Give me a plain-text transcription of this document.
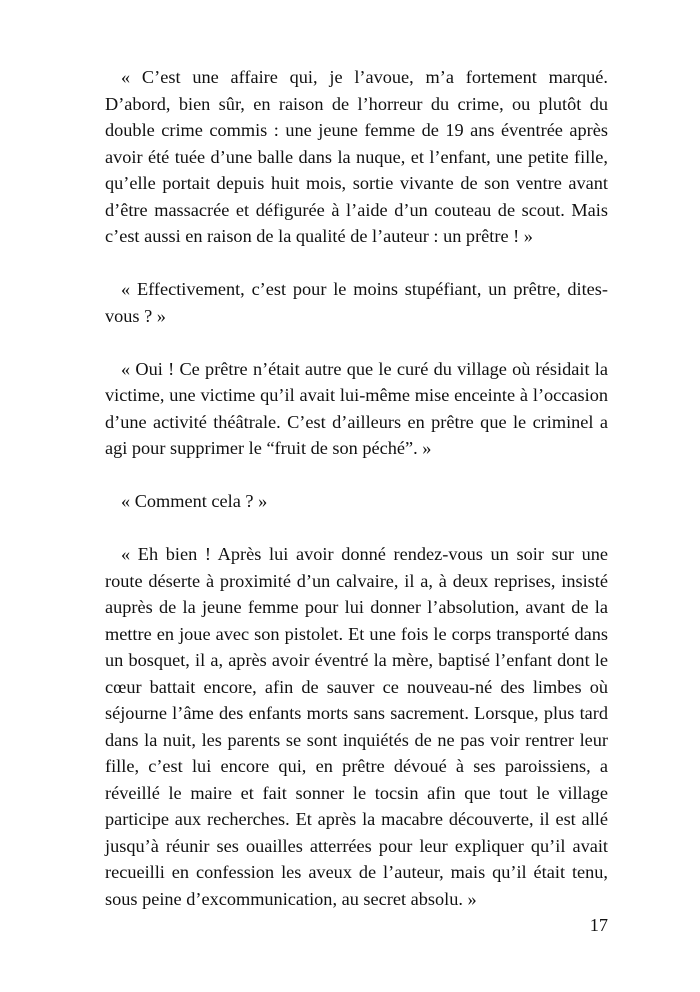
« C’est une affaire qui, je l’avoue, m’a fortement marqué. D’abord, bien sûr, en raison de l’horreur du crime, ou plutôt du double crime commis : une jeune femme de 19 ans éventrée après avoir été tuée d’une balle dans la nuque, et l’enfant, une petite fille, qu’elle portait depuis huit mois, sortie vivante de son ventre avant d’être massacrée et défigurée à l’aide d’un couteau de scout. Mais c’est aussi en raison de la qualité de l’auteur : un prêtre ! »

« Effectivement, c’est pour le moins stupéfiant, un prêtre, dites-vous ? »

« Oui ! Ce prêtre n’était autre que le curé du village où résidait la victime, une victime qu’il avait lui-même mise enceinte à l’occasion d’une activité théâtrale. C’est d’ailleurs en prêtre que le criminel a agi pour supprimer le “fruit de son péché”. »

« Comment cela ? »

« Eh bien ! Après lui avoir donné rendez-vous un soir sur une route déserte à proximité d’un calvaire, il a, à deux reprises, insisté auprès de la jeune femme pour lui donner l’absolution, avant de la mettre en joue avec son pistolet. Et une fois le corps transporté dans un bosquet, il a, après avoir éventré la mère, baptisé l’enfant dont le cœur battait encore, afin de sauver ce nouveau-né des limbes où séjourne l’âme des enfants morts sans sacrement. Lorsque, plus tard dans la nuit, les parents se sont inquiétés de ne pas voir rentrer leur fille, c’est lui encore qui, en prêtre dévoué à ses paroissiens, a réveillé le maire et fait sonner le tocsin afin que tout le village participe aux recherches. Et après la macabre découverte, il est allé jusqu’à réunir ses ouailles atterrées pour leur expliquer qu’il avait recueilli en confession les aveux de l’auteur, mais qu’il était tenu, sous peine d’excommunication, au secret absolu. »

17
